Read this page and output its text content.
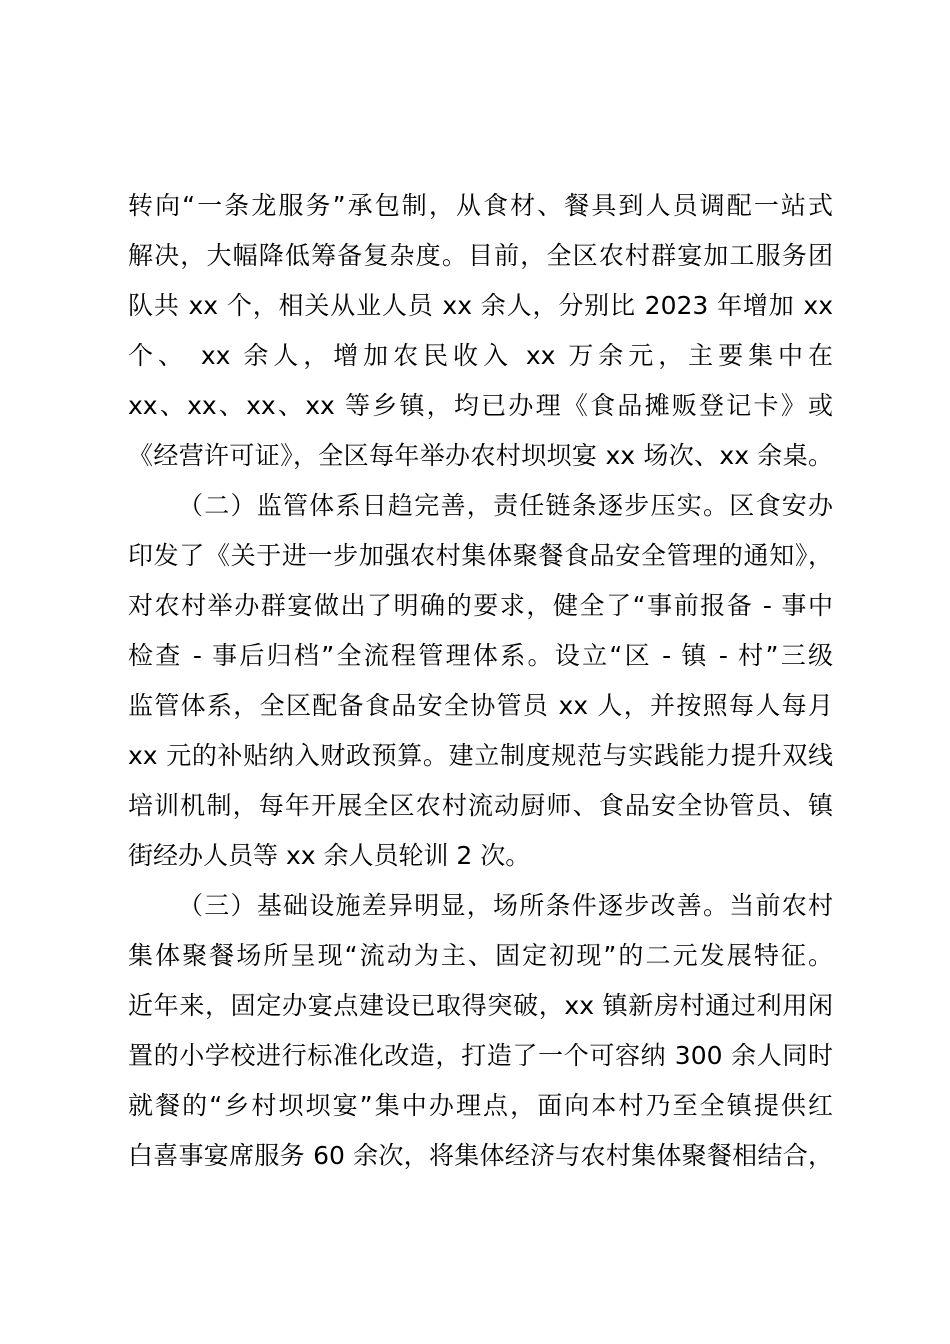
转向“一条龙服务”承包制，从食材、餐具到人员调配一站式
解决，大幅降低筹备复杂度。目前，全区农村群宴加工服务团
队共 xx 个，相关从业人员 xx 余人，分别比 2023 年增加 xx
个、 xx 余人，增加农民收入 xx 万余元，主要集中在
xx、xx、xx、xx 等乡镇，均已办理《食品摊贩登记卡》或
《经营许可证》，全区每年举办农村坝坝宴 xx 场次、xx 余桌。
（二）监管体系日趋完善，责任链条逐步压实。区食安办
印发了《关于进一步加强农村集体聚餐食品安全管理的通知》，
对农村举办群宴做出了明确的要求，健全了“事前报备 - 事中
检查 - 事后归档”全流程管理体系。设立“区 - 镇 - 村”三级
监管体系，全区配备食品安全协管员 xx 人，并按照每人每月
xx 元的补贴纳入财政预算。建立制度规范与实践能力提升双线
培训机制，每年开展全区农村流动厨师、食品安全协管员、镇
街经办人员等 xx 余人员轮训 2 次。
（三）基础设施差异明显，场所条件逐步改善。当前农村
集体聚餐场所呈现“流动为主、固定初现”的二元发展特征。
近年来，固定办宴点建设已取得突破，xx 镇新房村通过利用闲
置的小学校进行标准化改造，打造了一个可容纳 300 余人同时
就餐的“乡村坝坝宴”集中办理点，面向本村乃至全镇提供红
白喜事宴席服务 60 余次，将集体经济与农村集体聚餐相结合，
